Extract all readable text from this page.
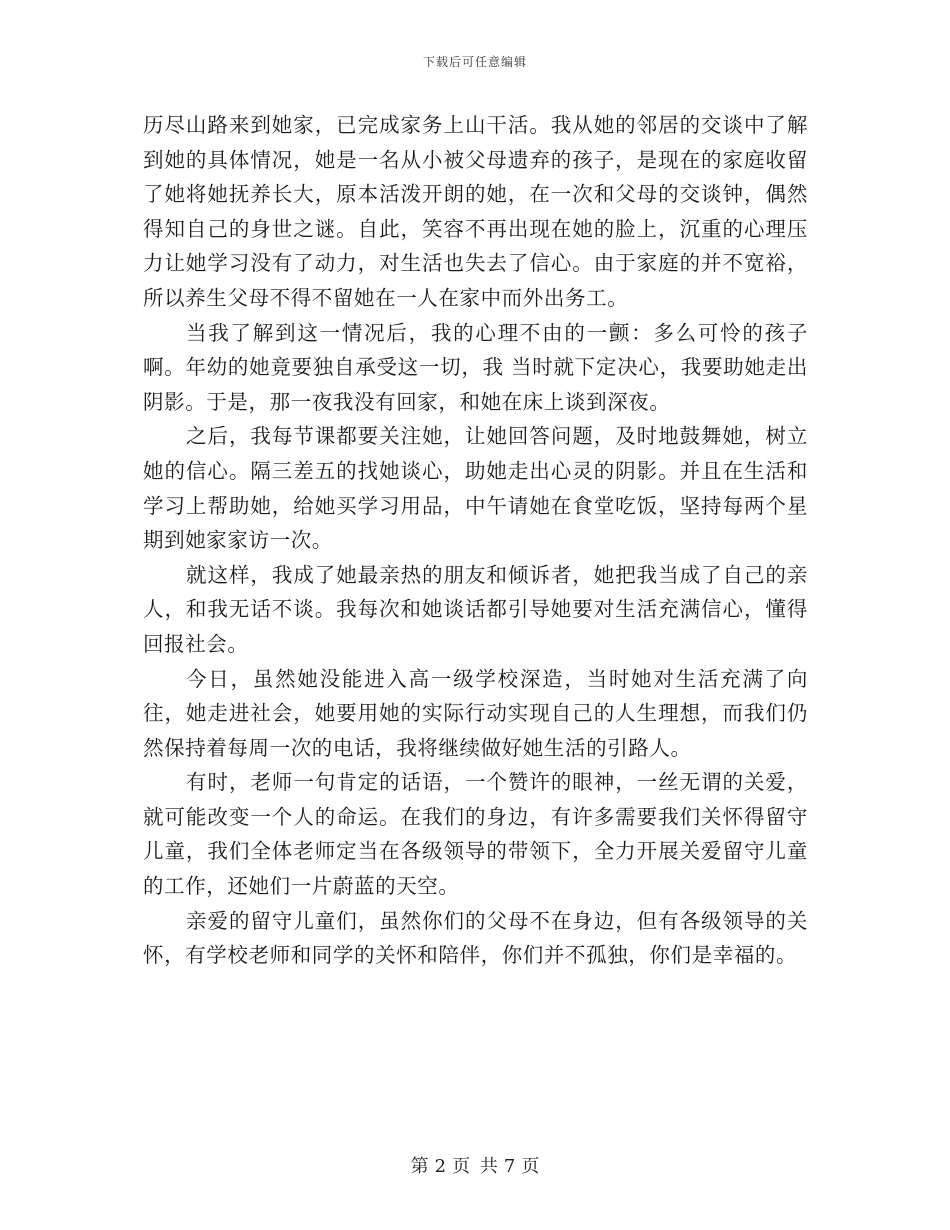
下载后可任意编辑

历尽山路来到她家，已完成家务上山干活。我从她的邻居的交谈中了解到她的具体情况，她是一名从小被父母遗弃的孩子，是现在的家庭收留了她将她抚养长大，原本活泼开朗的她，在一次和父母的交谈钟，偶然得知自己的身世之谜。自此，笑容不再出现在她的脸上，沉重的心理压力让她学习没有了动力，对生活也失去了信心。由于家庭的并不宽裕，所以养生父母不得不留她在一人在家中而外出务工。

当我了解到这一情况后，我的心理不由的一颤：多么可怜的孩子啊。年幼的她竟要独自承受这一切，我 当时就下定决心，我要助她走出阴影。于是，那一夜我没有回家，和她在床上谈到深夜。

之后，我每节课都要关注她，让她回答问题，及时地鼓舞她，树立她的信心。隔三差五的找她谈心，助她走出心灵的阴影。并且在生活和学习上帮助她，给她买学习用品，中午请她在食堂吃饭，坚持每两个星期到她家家访一次。

就这样，我成了她最亲热的朋友和倾诉者，她把我当成了自己的亲人，和我无话不谈。我每次和她谈话都引导她要对生活充满信心，懂得回报社会。

今日，虽然她没能进入高一级学校深造，当时她对生活充满了向往，她走进社会，她要用她的实际行动实现自己的人生理想，而我们仍然保持着每周一次的电话，我将继续做好她生活的引路人。

有时，老师一句肯定的话语，一个赞许的眼神，一丝无谓的关爱，就可能改变一个人的命运。在我们的身边，有许多需要我们关怀得留守儿童，我们全体老师定当在各级领导的带领下，全力开展关爱留守儿童的工作，还她们一片蔚蓝的天空。

亲爱的留守儿童们，虽然你们的父母不在身边，但有各级领导的关怀，有学校老师和同学的关怀和陪伴，你们并不孤独，你们是幸福的。

第 2 页 共 7 页
